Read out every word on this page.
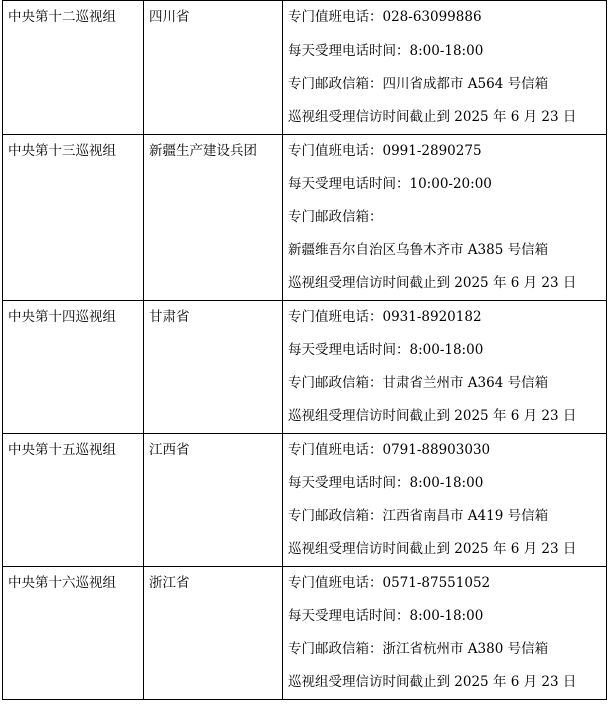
中央第十二巡视组	四川省	专门值班电话：028-63099886
每天受理电话时间：8:00-18:00
专门邮政信箱：四川省成都市 A564 号信箱
巡视组受理信访时间截止到 2025 年 6 月 23 日

中央第十三巡视组	新疆生产建设兵团	专门值班电话：0991-2890275
每天受理电话时间：10:00-20:00
专门邮政信箱：
新疆维吾尔自治区乌鲁木齐市 A385 号信箱
巡视组受理信访时间截止到 2025 年 6 月 23 日

中央第十四巡视组	甘肃省	专门值班电话：0931-8920182
每天受理电话时间：8:00-18:00
专门邮政信箱：甘肃省兰州市 A364 号信箱
巡视组受理信访时间截止到 2025 年 6 月 23 日

中央第十五巡视组	江西省	专门值班电话：0791-88903030
每天受理电话时间：8:00-18:00
专门邮政信箱：江西省南昌市 A419 号信箱
巡视组受理信访时间截止到 2025 年 6 月 23 日

中央第十六巡视组	浙江省	专门值班电话：0571-87551052
每天受理电话时间：8:00-18:00
专门邮政信箱：浙江省杭州市 A380 号信箱
巡视组受理信访时间截止到 2025 年 6 月 23 日
